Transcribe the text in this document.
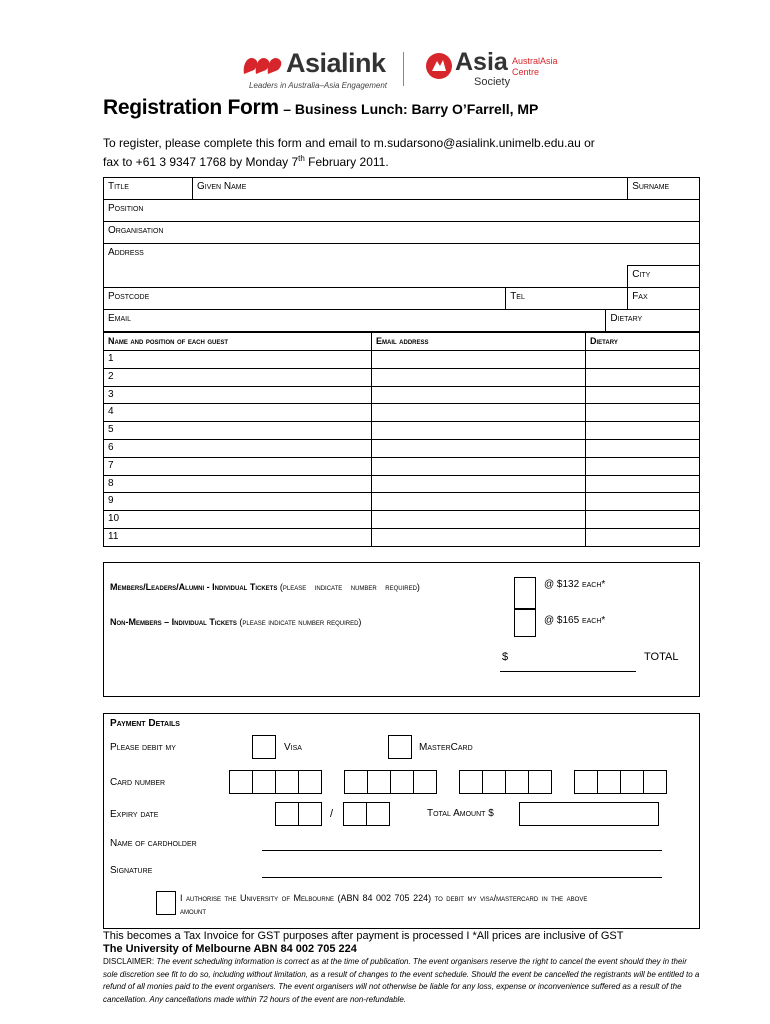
Asialink
Leaders in Australia–Asia Engagement
Asia
Society
AustralAsia
Centre
Registration Form – Business Lunch: Barry O’Farrell, MP
To register, please complete this form and email to m.sudarsono@asialink.unimelb.edu.au or
fax to +61 3 9347 1768 by Monday 7th February 2011.
Title	Given Name			Surname
Position				
Organisation				
Address				
				City
Postcode		Tel		Fax
Email			Dietary	
Name and position of each guest	Email address	Dietary
1		
2		
3		
4		
5		
6		
7		
8		
9		
10		
11		
Members/Leaders/Alumni - Individual Tickets (please indicate number required)	@ $132 each*
Non-Members – Individual Tickets (please indicate number required)	@ $165 each*
$	TOTAL
Payment Details
Please debit my	Visa	MasterCard
Card number
Expiry date	/	Total Amount $
Name of cardholder
Signature
I authorise the University of Melbourne (ABN 84 002 705 224) to debit my visa/mastercard in the above
amount
This becomes a Tax Invoice for GST purposes after payment is processed I *All prices are inclusive of GST
The University of Melbourne ABN 84 002 705 224
DISCLAIMER: The event scheduling information is correct as at the time of publication. The event organisers reserve the right to cancel the event should they in their sole discretion see fit to do so, including without limitation, as a result of changes to the event schedule. Should the event be cancelled the registrants will be entitled to a refund of all monies paid to the event organisers. The event organisers will not otherwise be liable for any loss, expense or inconvenience suffered as a result of the cancellation. Any cancellations made within 72 hours of the event are non-refundable.
